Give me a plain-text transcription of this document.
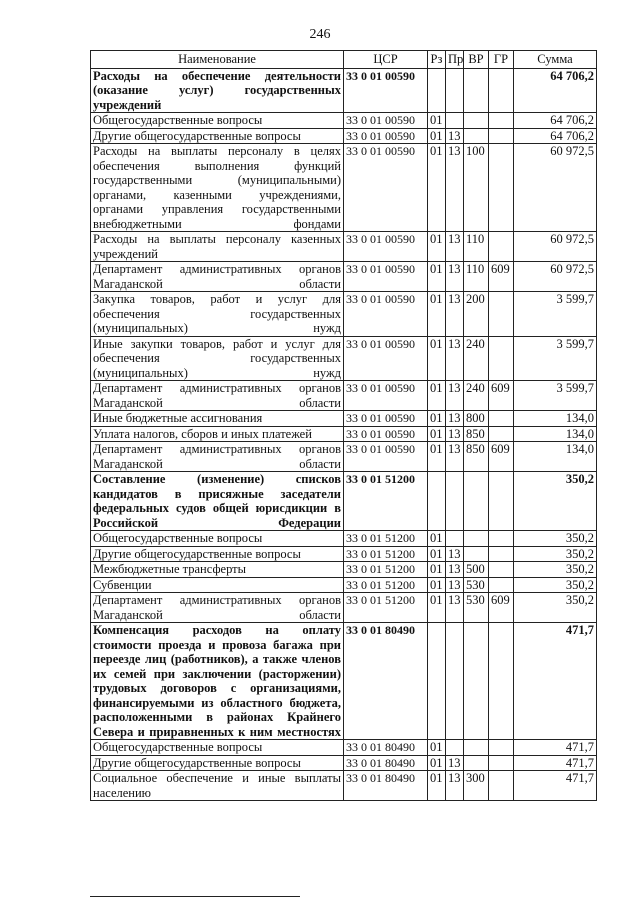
246
Наименование	ЦСР	Рз	Пр	ВР	ГР	Сумма
Расходы на обеспечение деятельности (оказание услуг) государственных учреждений	33 0 01 00590					64 706,2
Общегосударственные вопросы	33 0 01 00590	01				64 706,2
Другие общегосударственные вопросы	33 0 01 00590	01	13			64 706,2
Расходы на выплаты персоналу в целях обеспечения выполнения функций государственными (муниципальными) органами, казенными учреждениями, органами управления государственными внебюджетными фондами	33 0 01 00590	01	13	100		60 972,5
Расходы на выплаты персоналу казенных учреждений	33 0 01 00590	01	13	110		60 972,5
Департамент административных органов Магаданской области	33 0 01 00590	01	13	110	609	60 972,5
Закупка товаров, работ и услуг для обеспечения государственных (муниципальных) нужд	33 0 01 00590	01	13	200		3 599,7
Иные закупки товаров, работ и услуг для обеспечения государственных (муниципальных) нужд	33 0 01 00590	01	13	240		3 599,7
Департамент административных органов Магаданской области	33 0 01 00590	01	13	240	609	3 599,7
Иные бюджетные ассигнования	33 0 01 00590	01	13	800		134,0
Уплата налогов, сборов и иных платежей	33 0 01 00590	01	13	850		134,0
Департамент административных органов Магаданской области	33 0 01 00590	01	13	850	609	134,0
Составление (изменение) списков кандидатов в присяжные заседатели федеральных судов общей юрисдикции в Российской Федерации	33 0 01 51200					350,2
Общегосударственные вопросы	33 0 01 51200	01				350,2
Другие общегосударственные вопросы	33 0 01 51200	01	13			350,2
Межбюджетные трансферты	33 0 01 51200	01	13	500		350,2
Субвенции	33 0 01 51200	01	13	530		350,2
Департамент административных органов Магаданской области	33 0 01 51200	01	13	530	609	350,2
Компенсация расходов на оплату стоимости проезда и провоза багажа при переезде лиц (работников), а также членов их семей при заключении (расторжении) трудовых договоров с организациями, финансируемыми из областного бюджета, расположенными в районах Крайнего Севера и приравненных к ним местностях	33 0 01 80490					471,7
Общегосударственные вопросы	33 0 01 80490	01				471,7
Другие общегосударственные вопросы	33 0 01 80490	01	13			471,7
Социальное обеспечение и иные выплаты населению	33 0 01 80490	01	13	300		471,7
